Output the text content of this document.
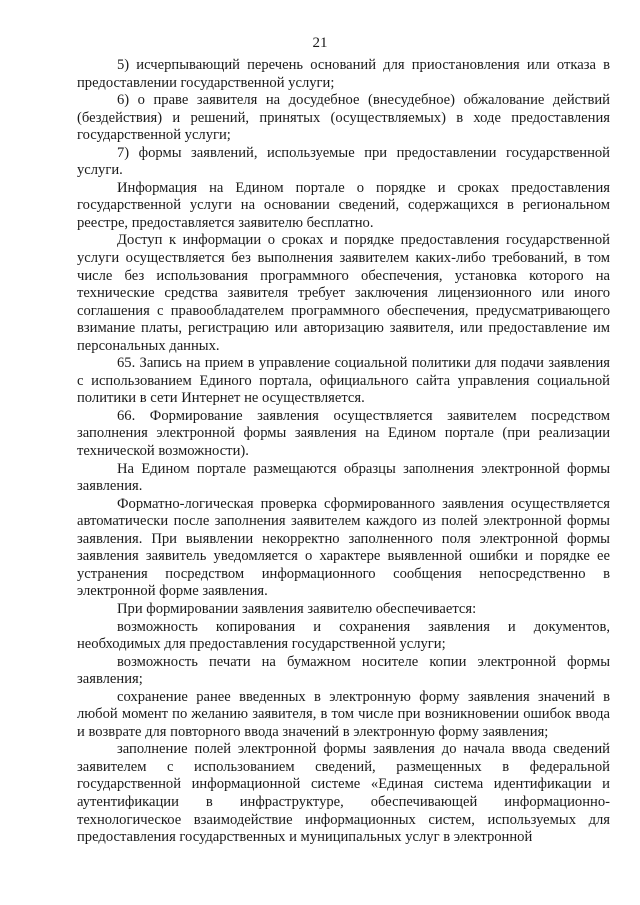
21

5) исчерпывающий перечень оснований для приостановления или отказа в предоставлении государственной услуги;

6) о праве заявителя на досудебное (внесудебное) обжалование действий (бездействия) и решений, принятых (осуществляемых) в ходе предоставления государственной услуги;

7) формы заявлений, используемые при предоставлении государственной услуги.

Информация на Едином портале о порядке и сроках предоставления государственной услуги на основании сведений, содержащихся в региональном реестре, предоставляется заявителю бесплатно.

Доступ к информации о сроках и порядке предоставления государственной услуги осуществляется без выполнения заявителем каких-либо требований, в том числе без использования программного обеспечения, установка которого на технические средства заявителя требует заключения лицензионного или иного соглашения с правообладателем программного обеспечения, предусматривающего взимание платы, регистрацию или авторизацию заявителя, или предоставление им персональных данных.

65. Запись на прием в управление социальной политики для подачи заявления с использованием Единого портала, официального сайта управления социальной политики в сети Интернет не осуществляется.

66. Формирование заявления осуществляется заявителем посредством заполнения электронной формы заявления на Едином портале (при реализации технической возможности).

На Едином портале размещаются образцы заполнения электронной формы заявления.

Форматно-логическая проверка сформированного заявления осуществляется автоматически после заполнения заявителем каждого из полей электронной формы заявления. При выявлении некорректно заполненного поля электронной формы заявления заявитель уведомляется о характере выявленной ошибки и порядке ее устранения посредством информационного сообщения непосредственно в электронной форме заявления.

При формировании заявления заявителю обеспечивается:

возможность копирования и сохранения заявления и документов, необходимых для предоставления государственной услуги;

возможность печати на бумажном носителе копии электронной формы заявления;

сохранение ранее введенных в электронную форму заявления значений в любой момент по желанию заявителя, в том числе при возникновении ошибок ввода и возврате для повторного ввода значений в электронную форму заявления;

заполнение полей электронной формы заявления до начала ввода сведений заявителем с использованием сведений, размещенных в федеральной государственной информационной системе «Единая система идентификации и аутентификации в инфраструктуре, обеспечивающей информационно-технологическое взаимодействие информационных систем, используемых для предоставления государственных и муниципальных услуг в электронной
